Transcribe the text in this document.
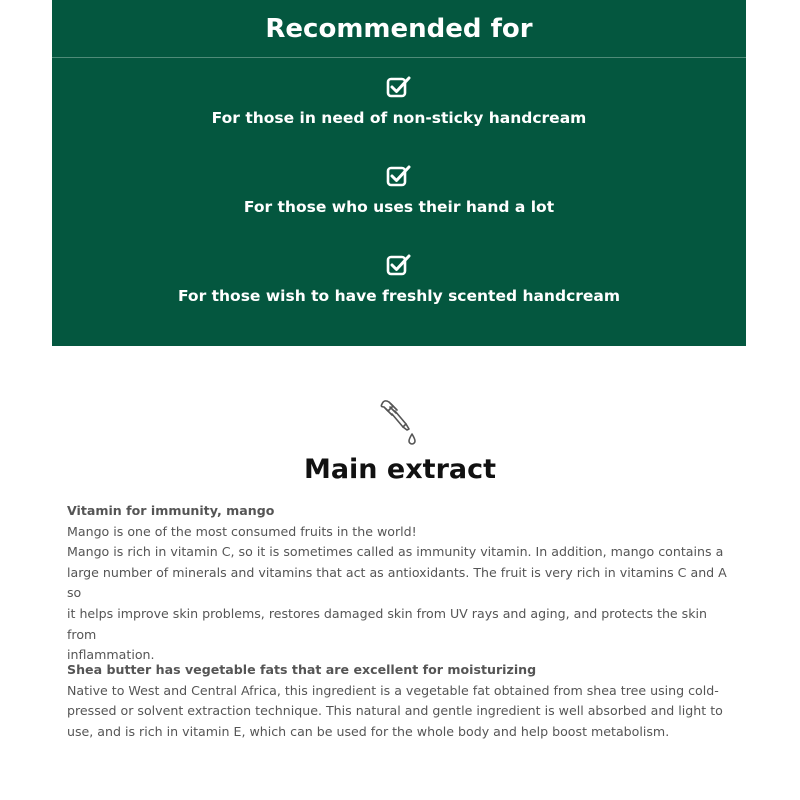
Recommended for
For those in need of non-sticky handcream
For those who uses their hand a lot
For those wish to have freshly scented handcream
Main extract
Vitamin for immunity, mango
Mango is one of the most consumed fruits in the world!
Mango is rich in vitamin C, so it is sometimes called as immunity vitamin. In addition, mango contains a
large number of minerals and vitamins that act as antioxidants. The fruit is very rich in vitamins C and A so
it helps improve skin problems, restores damaged skin from UV rays and aging, and protects the skin from
inflammation.
Shea butter has vegetable fats that are excellent for moisturizing
Native to West and Central Africa, this ingredient is a vegetable fat obtained from shea tree using cold-
pressed or solvent extraction technique. This natural and gentle ingredient is well absorbed and light to
use, and is rich in vitamin E, which can be used for the whole body and help boost metabolism.
